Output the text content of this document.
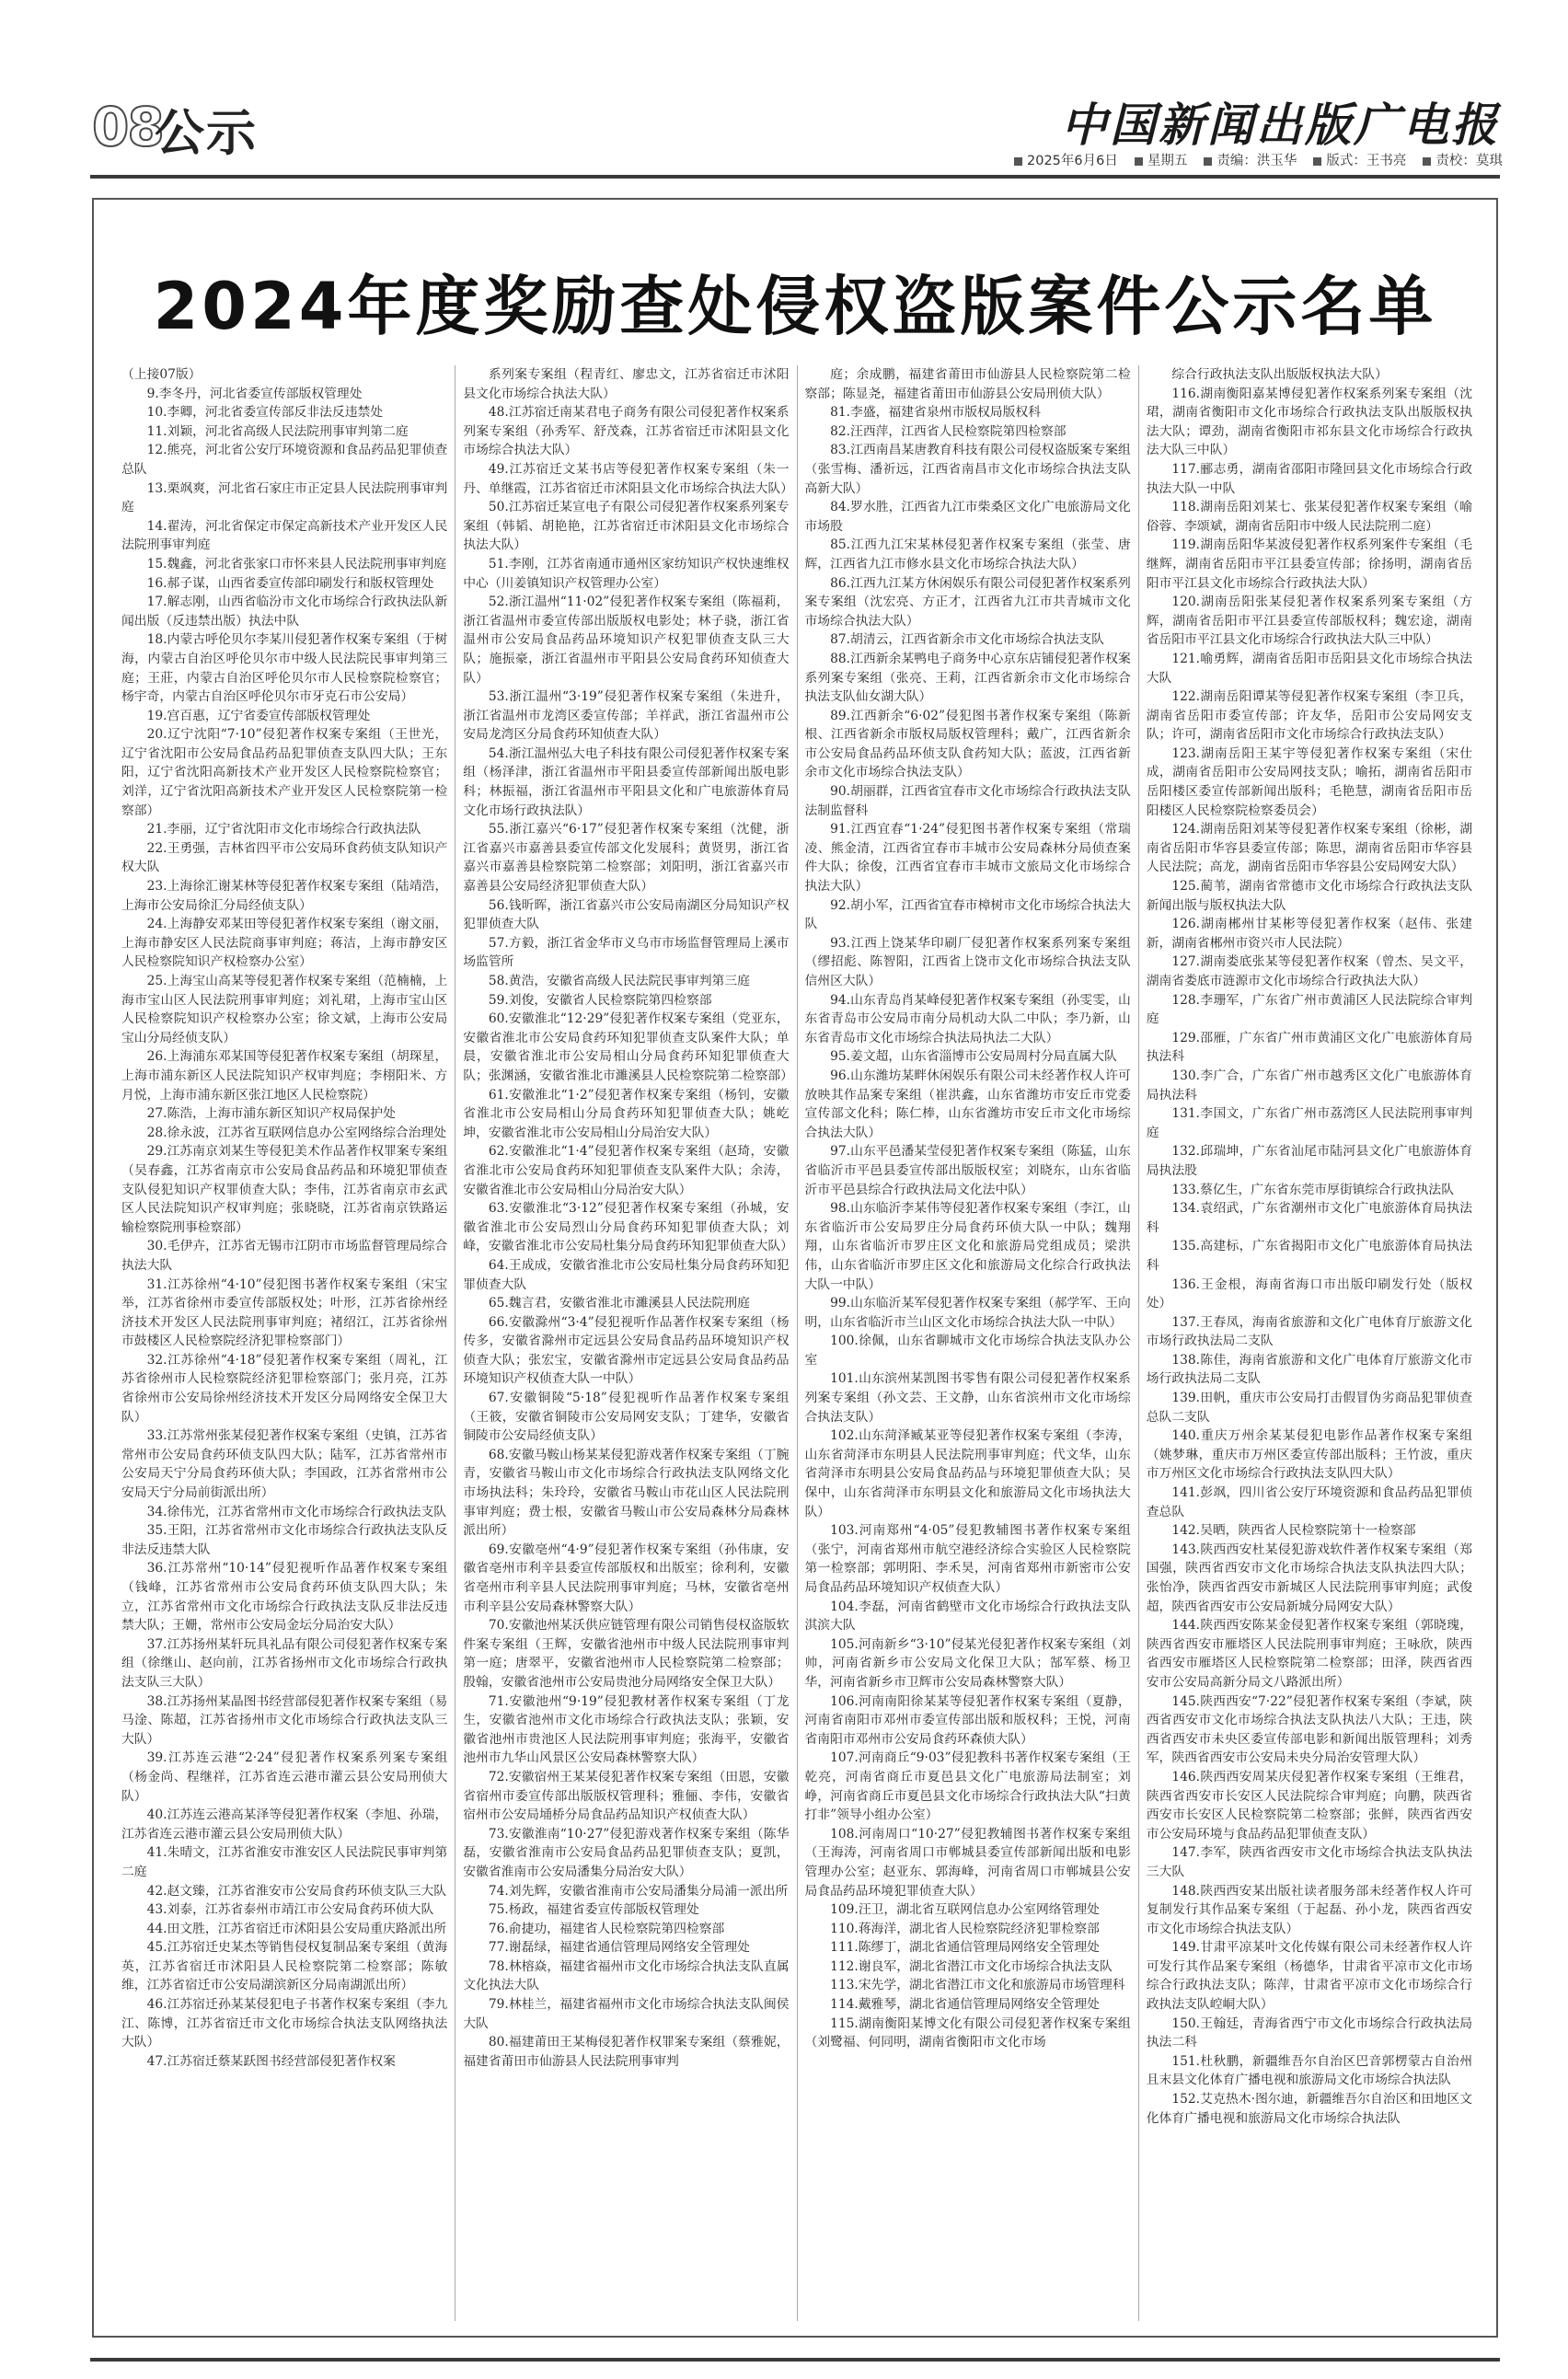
08
公示	中国新闻出版广电报
2025年6月6日	星期五	责编：洪玉华	版式：王书亮	责校：莫琪
2024年度奖励查处侵权盗版案件公示名单

（上接07版）

9.李冬丹，河北省委宣传部版权管理处

10.李卿，河北省委宣传部反非法反违禁处

11.刘颖，河北省高级人民法院刑事审判第二庭

12.熊亮，河北省公安厅环境资源和食品药品犯罪侦查总队

13.栗飒爽，河北省石家庄市正定县人民法院刑事审判庭

14.翟涛，河北省保定市保定高新技术产业开发区人民法院刑事审判庭

15.魏鑫，河北省张家口市怀来县人民法院刑事审判庭

16.郝子谋，山西省委宣传部印刷发行和版权管理处

17.解志刚，山西省临汾市文化市场综合行政执法队新闻出版（反违禁出版）执法中队

18.内蒙古呼伦贝尔李某川侵犯著作权案专案组（于树海，内蒙古自治区呼伦贝尔市中级人民法院民事审判第三庭；王莊，内蒙古自治区呼伦贝尔市人民检察院检察官；杨宇奇，内蒙古自治区呼伦贝尔市牙克石市公安局）

19.宫百惠，辽宁省委宣传部版权管理处

20.辽宁沈阳“7·10”侵犯著作权案专案组（王世光，辽宁省沈阳市公安局食品药品犯罪侦查支队四大队；王东阳，辽宁省沈阳高新技术产业开发区人民检察院检察官；刘洋，辽宁省沈阳高新技术产业开发区人民检察院第一检察部）

21.李丽，辽宁省沈阳市文化市场综合行政执法队

22.王勇强，吉林省四平市公安局环食药侦支队知识产权大队

23.上海徐汇谢某林等侵犯著作权案专案组（陆靖浩，上海市公安局徐汇分局经侦支队）

24.上海静安邓某田等侵犯著作权案专案组（谢文丽，上海市静安区人民法院商事审判庭；蒋洁，上海市静安区人民检察院知识产权检察办公室）

25.上海宝山高某等侵犯著作权案专案组（范楠楠，上海市宝山区人民法院刑事审判庭；刘礼珺，上海市宝山区人民检察院知识产权检察办公室；徐文斌，上海市公安局宝山分局经侦支队）

26.上海浦东邓某国等侵犯著作权案专案组（胡琛星，上海市浦东新区人民法院知识产权审判庭；李栩阳米、方月悦，上海市浦东新区张江地区人民检察院）

27.陈浩，上海市浦东新区知识产权局保护处

28.徐永波，江苏省互联网信息办公室网络综合治理处

29.江苏南京刘某生等侵犯美术作品著作权罪案专案组（吴春鑫，江苏省南京市公安局食品药品和环境犯罪侦查支队侵犯知识产权罪侦查大队；李伟，江苏省南京市玄武区人民法院知识产权审判庭；张晓晓，江苏省南京铁路运输检察院刑事检察部）

30.毛伊卉，江苏省无锡市江阴市市场监督管理局综合执法大队

31.江苏徐州“4·10”侵犯图书著作权案专案组（宋宝举，江苏省徐州市委宣传部版权处；叶形，江苏省徐州经济技术开发区人民法院刑事审判庭；褚绍江，江苏省徐州市鼓楼区人民检察院经济犯罪检察部门）

32.江苏徐州“4·18”侵犯著作权案专案组（周礼，江苏省徐州市人民检察院经济犯罪检察部门；张月亮，江苏省徐州市公安局徐州经济技术开发区分局网络安全保卫大队）

33.江苏常州张某侵犯著作权案专案组（史镇，江苏省常州市公安局食药环侦支队四大队；陆军，江苏省常州市公安局天宁分局食药环侦大队；李国政，江苏省常州市公安局天宁分局前街派出所）

34.徐伟光，江苏省常州市文化市场综合行政执法支队

35.王阳，江苏省常州市文化市场综合行政执法支队反非法反违禁大队

36.江苏常州“10·14”侵犯视听作品著作权案专案组（钱峰，江苏省常州市公安局食药环侦支队四大队；朱立，江苏省常州市文化市场综合行政执法支队反非法反违禁大队；王姗，常州市公安局金坛分局治安大队）

37.江苏扬州某轩玩具礼品有限公司侵犯著作权案专案组（徐继山、赵向前，江苏省扬州市文化市场综合行政执法支队三大队）

38.江苏扬州某晶图书经营部侵犯著作权案专案组（易马淦、陈超，江苏省扬州市文化市场综合行政执法支队三大队）

39.江苏连云港“2·24”侵犯著作权案系列案专案组（杨金尚、程继祥，江苏省连云港市灌云县公安局刑侦大队）

40.江苏连云港高某泽等侵犯著作权案（李旭、孙瑞，江苏省连云港市灌云县公安局刑侦大队）

41.朱晴文，江苏省淮安市淮安区人民法院民事审判第二庭

42.赵文臻，江苏省淮安市公安局食药环侦支队三大队

43.刘泰，江苏省泰州市靖江市公安局食药环侦大队

44.田文胜，江苏省宿迁市沭阳县公安局重庆路派出所

45.江苏宿迁史某杰等销售侵权复制品案专案组（黄海英，江苏省宿迁市沭阳县人民检察院第二检察部；陈敏维，江苏省宿迁市公安局湖滨新区分局南湖派出所）

46.江苏宿迁孙某某侵犯电子书著作权案专案组（李九江、陈博，江苏省宿迁市文化市场综合执法支队网络执法大队）

47.江苏宿迁蔡某跃图书经营部侵犯著作权案

系列案专案组（程青红、廖忠文，江苏省宿迁市沭阳县文化市场综合执法大队）

48.江苏宿迁南某君电子商务有限公司侵犯著作权案系列案专案组（孙秀军、舒茂森，江苏省宿迁市沭阳县文化市场综合执法大队）

49.江苏宿迁文某书店等侵犯著作权案专案组（朱一丹、单继霞，江苏省宿迁市沭阳县文化市场综合执法大队）

50.江苏宿迁某宣电子有限公司侵犯著作权案系列案专案组（韩韬、胡艳艳，江苏省宿迁市沭阳县文化市场综合执法大队）

51.李刚，江苏省南通市通州区家纺知识产权快速维权中心（川姜镇知识产权管理办公室）

52.浙江温州“11·02”侵犯著作权案专案组（陈福莉，浙江省温州市委宣传部出版版权电影处；林子骁，浙江省温州市公安局食品药品环境知识产权犯罪侦查支队三大队；施振豪，浙江省温州市平阳县公安局食药环知侦查大队）

53.浙江温州“3·19”侵犯著作权案专案组（朱进升，浙江省温州市龙湾区委宣传部；羊祥武，浙江省温州市公安局龙湾区分局食药环知侦查大队）

54.浙江温州弘大电子科技有限公司侵犯著作权案专案组（杨泽津，浙江省温州市平阳县委宣传部新闻出版电影科；林振福，浙江省温州市平阳县文化和广电旅游体育局文化市场行政执法队）

55.浙江嘉兴“6·17”侵犯著作权案专案组（沈健，浙江省嘉兴市嘉善县委宣传部文化发展科；黄贤男，浙江省嘉兴市嘉善县检察院第二检察部；刘阳明，浙江省嘉兴市嘉善县公安局经济犯罪侦查大队）

56.钱昕晖，浙江省嘉兴市公安局南湖区分局知识产权犯罪侦查大队

57.方毅，浙江省金华市义乌市市场监督管理局上溪市场监管所

58.黄浩，安徽省高级人民法院民事审判第三庭

59.刘俊，安徽省人民检察院第四检察部

60.安徽淮北“12·29”侵犯著作权案专案组（党亚东，安徽省淮北市公安局食药环知犯罪侦查支队案件大队；单晨，安徽省淮北市公安局相山分局食药环知犯罪侦查大队；张渊涵，安徽省淮北市濉溪县人民检察院第二检察部）

61.安徽淮北“1·2”侵犯著作权案专案组（杨钊，安徽省淮北市公安局相山分局食药环知犯罪侦查大队；姚屹坤，安徽省淮北市公安局相山分局治安大队）

62.安徽淮北“1·4”侵犯著作权案专案组（赵琦，安徽省淮北市公安局食药环知犯罪侦查支队案件大队；余涛，安徽省淮北市公安局相山分局治安大队）

63.安徽淮北“3·12”侵犯著作权案专案组（孙城，安徽省淮北市公安局烈山分局食药环知犯罪侦查大队；刘峰，安徽省淮北市公安局杜集分局食药环知犯罪侦查大队）

64.王成成，安徽省淮北市公安局杜集分局食药环知犯罪侦查大队

65.魏言君，安徽省淮北市濉溪县人民法院刑庭

66.安徽滁州“3·4”侵犯视听作品著作权案专案组（杨传多，安徽省滁州市定远县公安局食品药品环境知识产权侦查大队；张宏宝，安徽省滁州市定远县公安局食品药品环境知识产权侦查大队一中队）

67.安徽铜陵“5·18”侵犯视听作品著作权案专案组（王筱，安徽省铜陵市公安局网安支队；丁建华，安徽省铜陵市公安局经侦支队）

68.安徽马鞍山杨某某侵犯游戏著作权案专案组（丁腕青，安徽省马鞍山市文化市场综合行政执法支队网络文化市场执法科；朱玲玲，安徽省马鞍山市花山区人民法院刑事审判庭；费士根，安徽省马鞍山市公安局森林分局森林派出所）

69.安徽亳州“4·9”侵犯著作权案专案组（孙伟康，安徽省亳州市利辛县委宣传部版权和出版室；徐利利，安徽省亳州市利辛县人民法院刑事审判庭；马林，安徽省亳州市利辛县公安局森林警察大队）

70.安徽池州某沃供应链管理有限公司销售侵权盗版软件案专案组（王辉，安徽省池州市中级人民法院刑事审判第一庭；唐翠平，安徽省池州市人民检察院第二检察部；殷翰，安徽省池州市公安局贵池分局网络安全保卫大队）

71.安徽池州“9·19”侵犯教材著作权案专案组（丁龙生，安徽省池州市文化市场综合行政执法支队；张颖，安徽省池州市贵池区人民法院刑事审判庭；张海平，安徽省池州市九华山风景区公安局森林警察大队）

72.安徽宿州王某某侵犯著作权案专案组（田恩，安徽省宿州市委宣传部出版版权管理科；雅俪、李伟，安徽省宿州市公安局埇桥分局食品药品知识产权侦查大队）

73.安徽淮南“10·27”侵犯游戏著作权案专案组（陈华磊，安徽省淮南市公安局食品药品犯罪侦查支队；夏凯，安徽省淮南市公安局潘集分局治安大队）

74.刘先辉，安徽省淮南市公安局潘集分局浦一派出所

75.杨政，福建省委宣传部版权管理处

76.俞捷功，福建省人民检察院第四检察部

77.谢磊绿，福建省通信管理局网络安全管理处

78.林榕焱，福建省福州市文化市场综合执法支队直属文化执法大队

79.林桂兰，福建省福州市文化市场综合执法支队闽侯大队

80.福建莆田王某梅侵犯著作权罪案专案组（蔡雅妮，福建省莆田市仙游县人民法院刑事审判

庭；余成鹏，福建省莆田市仙游县人民检察院第二检察部；陈显尧，福建省莆田市仙游县公安局刑侦大队）

81.李盛，福建省泉州市版权局版权科

82.汪西萍，江西省人民检察院第四检察部

83.江西南昌某唐教育科技有限公司侵权盗版案专案组（张雪梅、潘祈远，江西省南昌市文化市场综合执法支队高新大队）

84.罗水胜，江西省九江市柴桑区文化广电旅游局文化市场股

85.江西九江宋某林侵犯著作权案专案组（张莹、唐辉，江西省九江市修水县文化市场综合执法大队）

86.江西九江某方休闲娱乐有限公司侵犯著作权案系列案专案组（沈宏亮、方正才，江西省九江市共青城市文化市场综合执法大队）

87.胡清云，江西省新余市文化市场综合执法支队

88.江西新余某鸭电子商务中心京东店铺侵犯著作权案系列案专案组（张亮、王莉，江西省新余市文化市场综合执法支队仙女湖大队）

89.江西新余“6·02”侵犯图书著作权案专案组（陈新根、江西省新余市版权局版权管理科；戴广，江西省新余市公安局食品药品环侦支队食药知大队；蓝波，江西省新余市文化市场综合执法支队）

90.胡丽群，江西省宜春市文化市场综合行政执法支队法制监督科

91.江西宜春“1·24”侵犯图书著作权案专案组（常瑞凌、熊金清，江西省宜春市丰城市公安局森林分局侦查案件大队；徐俊，江西省宜春市丰城市文旅局文化市场综合执法大队）

92.胡小军，江西省宜春市樟树市文化市场综合执法大队

93.江西上饶某华印刷厂侵犯著作权案系列案专案组（缪招彪、陈智阳，江西省上饶市文化市场综合执法支队信州区大队）

94.山东青岛肖某峰侵犯著作权案专案组（孙雯雯，山东省青岛市公安局市南分局机动大队二中队；李乃新，山东省青岛市文化市场综合执法局执法二大队）

95.姜文超，山东省淄博市公安局周村分局直属大队

96.山东潍坊某畔休闲娱乐有限公司未经著作权人许可放映其作品案专案组（崔洪鑫，山东省潍坊市安丘市党委宣传部文化科；陈仁棒，山东省潍坊市安丘市文化市场综合执法大队）

97.山东平邑潘某莹侵犯著作权案专案组（陈猛，山东省临沂市平邑县委宣传部出版版权室；刘晓东，山东省临沂市平邑县综合行政执法局文化法中队）

98.山东临沂李某伟等侵犯著作权案专案组（李江，山东省临沂市公安局罗庄分局食药环侦大队一中队；魏翔翔，山东省临沂市罗庄区文化和旅游局党组成员；梁洪伟，山东省临沂市罗庄区文化和旅游局文化综合行政执法大队一中队）

99.山东临沂某军侵犯著作权案专案组（郝学军、王向明，山东省临沂市兰山区文化市场综合执法大队一中队）

100.徐佩，山东省聊城市文化市场综合执法支队办公室

101.山东滨州某凯图书零售有限公司侵犯著作权案系列案专案组（孙文芸、王文静，山东省滨州市文化市场综合执法支队）

102.山东菏泽臧某亚等侵犯著作权案专案组（李涛，山东省菏泽市东明县人民法院刑事审判庭；代文华，山东省菏泽市东明县公安局食品药品与环境犯罪侦查大队；吴保中，山东省菏泽市东明县文化和旅游局文化市场执法大队）

103.河南郑州“4·05”侵犯教辅图书著作权案专案组（张宁，河南省郑州市航空港经济综合实验区人民检察院第一检察部；郭明阳、李禾昊，河南省郑州市新密市公安局食品药品环境知识产权侦查大队）

104.李磊，河南省鹤壁市文化市场综合行政执法支队淇滨大队

105.河南新乡“3·10”侵某光侵犯著作权案专案组（刘帅，河南省新乡市公安局文化保卫大队；郜军蔡、杨卫华，河南省新乡市卫辉市公安局森林警察大队）

106.河南南阳徐某某等侵犯著作权案专案组（夏静，河南省南阳市邓州市委宣传部出版和版权科；王悦，河南省南阳市邓州市公安局食药环森侦大队）

107.河南商丘“9·03”侵犯教科书著作权案专案组（王乾亮，河南省商丘市夏邑县文化广电旅游局法制室；刘峥，河南省商丘市夏邑县文化市场综合行政执法大队“扫黄打非”领导小组办公室）

108.河南周口“10·27”侵犯教辅图书著作权案专案组（王海涛，河南省周口市郸城县委宣传部新闻出版和电影管理办公室；赵亚东、郭海峰，河南省周口市郸城县公安局食品药品环境犯罪侦查大队）

109.汪卫，湖北省互联网信息办公室网络管理处

110.蒋海洋，湖北省人民检察院经济犯罪检察部

111.陈缪丁，湖北省通信管理局网络安全管理处

112.谢良军，湖北省潜江市文化市场综合执法支队

113.宋先学，湖北省潜江市文化和旅游局市场管理科

114.戴雅琴，湖北省通信管理局网络安全管理处

115.湖南衡阳某博文化有限公司侵犯著作权案专案组（刘鹭福、何同明，湖南省衡阳市文化市场

综合行政执法支队出版版权执法大队）

116.湖南衡阳嘉某博侵犯著作权案系列案专案组（沈珺，湖南省衡阳市文化市场综合行政执法支队出版版权执法大队；谭劲，湖南省衡阳市祁东县文化市场综合行政执法大队三中队）

117.郦志勇，湖南省邵阳市隆回县文化市场综合行政执法大队一中队

118.湖南岳阳刘某七、张某侵犯著作权案专案组（喻俗蓉、李颂斌，湖南省岳阳市中级人民法院刑二庭）

119.湖南岳阳华某波侵犯著作权系列案件专案组（毛继辉，湖南省岳阳市平江县委宣传部；徐扬明，湖南省岳阳市平江县文化市场综合行政执法大队）

120.湖南岳阳张某侵犯著作权案系列案专案组（方辉，湖南省岳阳市平江县委宣传部版权科；魏宏途，湖南省岳阳市平江县文化市场综合行政执法大队三中队）

121.喻勇辉，湖南省岳阳市岳阳县文化市场综合执法大队

122.湖南岳阳谭某等侵犯著作权案专案组（李卫兵，湖南省岳阳市委宣传部；许友华，岳阳市公安局网安支队；许可，湖南省岳阳市文化市场综合行政执法支队）

123.湖南岳阳王某宇等侵犯著作权案专案组（宋仕成，湖南省岳阳市公安局网技支队；喻拓，湖南省岳阳市岳阳楼区委宣传部新闻出版科；毛艳慧，湖南省岳阳市岳阳楼区人民检察院检察委员会）

124.湖南岳阳刘某等侵犯著作权案专案组（徐彬，湖南省岳阳市华容县委宣传部；陈思，湖南省岳阳市华容县人民法院；高龙，湖南省岳阳市华容县公安局网安大队）

125.蔺苇，湖南省常德市文化市场综合行政执法支队新闻出版与版权执法大队

126.湖南郴州甘某彬等侵犯著作权案（赵伟、张建新，湖南省郴州市资兴市人民法院）

127.湖南娄底张某等侵犯著作权案（曾杰、吴文平，湖南省娄底市涟源市文化市场综合行政执法大队）

128.李珊军，广东省广州市黄浦区人民法院综合审判庭

129.邵雁，广东省广州市黄浦区文化广电旅游体育局执法科

130.李广合，广东省广州市越秀区文化广电旅游体育局执法科

131.李国文，广东省广州市荔湾区人民法院刑事审判庭

132.邱瑞坤，广东省汕尾市陆河县文化广电旅游体育局执法股

133.蔡亿生，广东省东莞市厚街镇综合行政执法队

134.袁绍武，广东省潮州市文化广电旅游体育局执法科

135.高建标，广东省揭阳市文化广电旅游体育局执法科

136.王金根，海南省海口市出版印刷发行处（版权处）

137.王春凤，海南省旅游和文化广电体育厅旅游文化市场行政执法局二支队

138.陈佳，海南省旅游和文化广电体育厅旅游文化市场行政执法局二支队

139.田帆，重庆市公安局打击假冒伪劣商品犯罪侦查总队二支队

140.重庆万州余某某侵犯电影作品著作权案专案组（姚梦琳，重庆市万州区委宣传部出版科；王竹波，重庆市万州区文化市场综合行政执法支队四大队）

141.彭飒，四川省公安厅环境资源和食品药品犯罪侦查总队

142.吴晒，陕西省人民检察院第十一检察部

143.陕西西安杜某侵犯游戏软件著作权案专案组（郑国强，陕西省西安市文化市场综合执法支队执法四大队；张怡净，陕西省西安市新城区人民法院刑事审判庭；武俊超，陕西省西安市公安局新城分局网安大队）

144.陕西西安陈某金侵犯著作权案专案组（郭晓瑰，陕西省西安市雁塔区人民法院刑事审判庭；王咏欣，陕西省西安市雁塔区人民检察院第二检察部；田泽，陕西省西安市公安局高新分局文八路派出所）

145.陕西西安“7·22”侵犯著作权案专案组（李斌，陕西省西安市文化市场综合执法支队执法八大队；王违，陕西省西安市未央区委宣传部电影和新闻出版管理科；刘秀军，陕西省西安市公安局未央分局治安管理大队）

146.陕西西安周某庆侵犯著作权案专案组（王维君，陕西省西安市长安区人民法院综合审判庭；向鹏，陕西省西安市长安区人民检察院第二检察部；张鲜，陕西省西安市公安局环境与食品药品犯罪侦查支队）

147.李军，陕西省西安市文化市场综合执法支队执法三大队

148.陕西西安某出版社读者服务部未经著作权人许可复制发行其作品案专案组（于起磊、孙小龙，陕西省西安市文化市场综合执法支队）

149.甘肃平凉某叶文化传媒有限公司未经著作权人许可发行其作品案专案组（杨德华，甘肃省平凉市文化市场综合行政执法支队；陈萍，甘肃省平凉市文化市场综合行政执法支队崆峒大队）

150.王翰廷，青海省西宁市文化市场综合行政执法局执法二科

151.杜秋鹏，新疆维吾尔自治区巴音郭楞蒙古自治州且末县文化体育广播电视和旅游局文化市场综合执法队

152.艾克热木·图尔迪，新疆维吾尔自治区和田地区文化体育广播电视和旅游局文化市场综合执法队
